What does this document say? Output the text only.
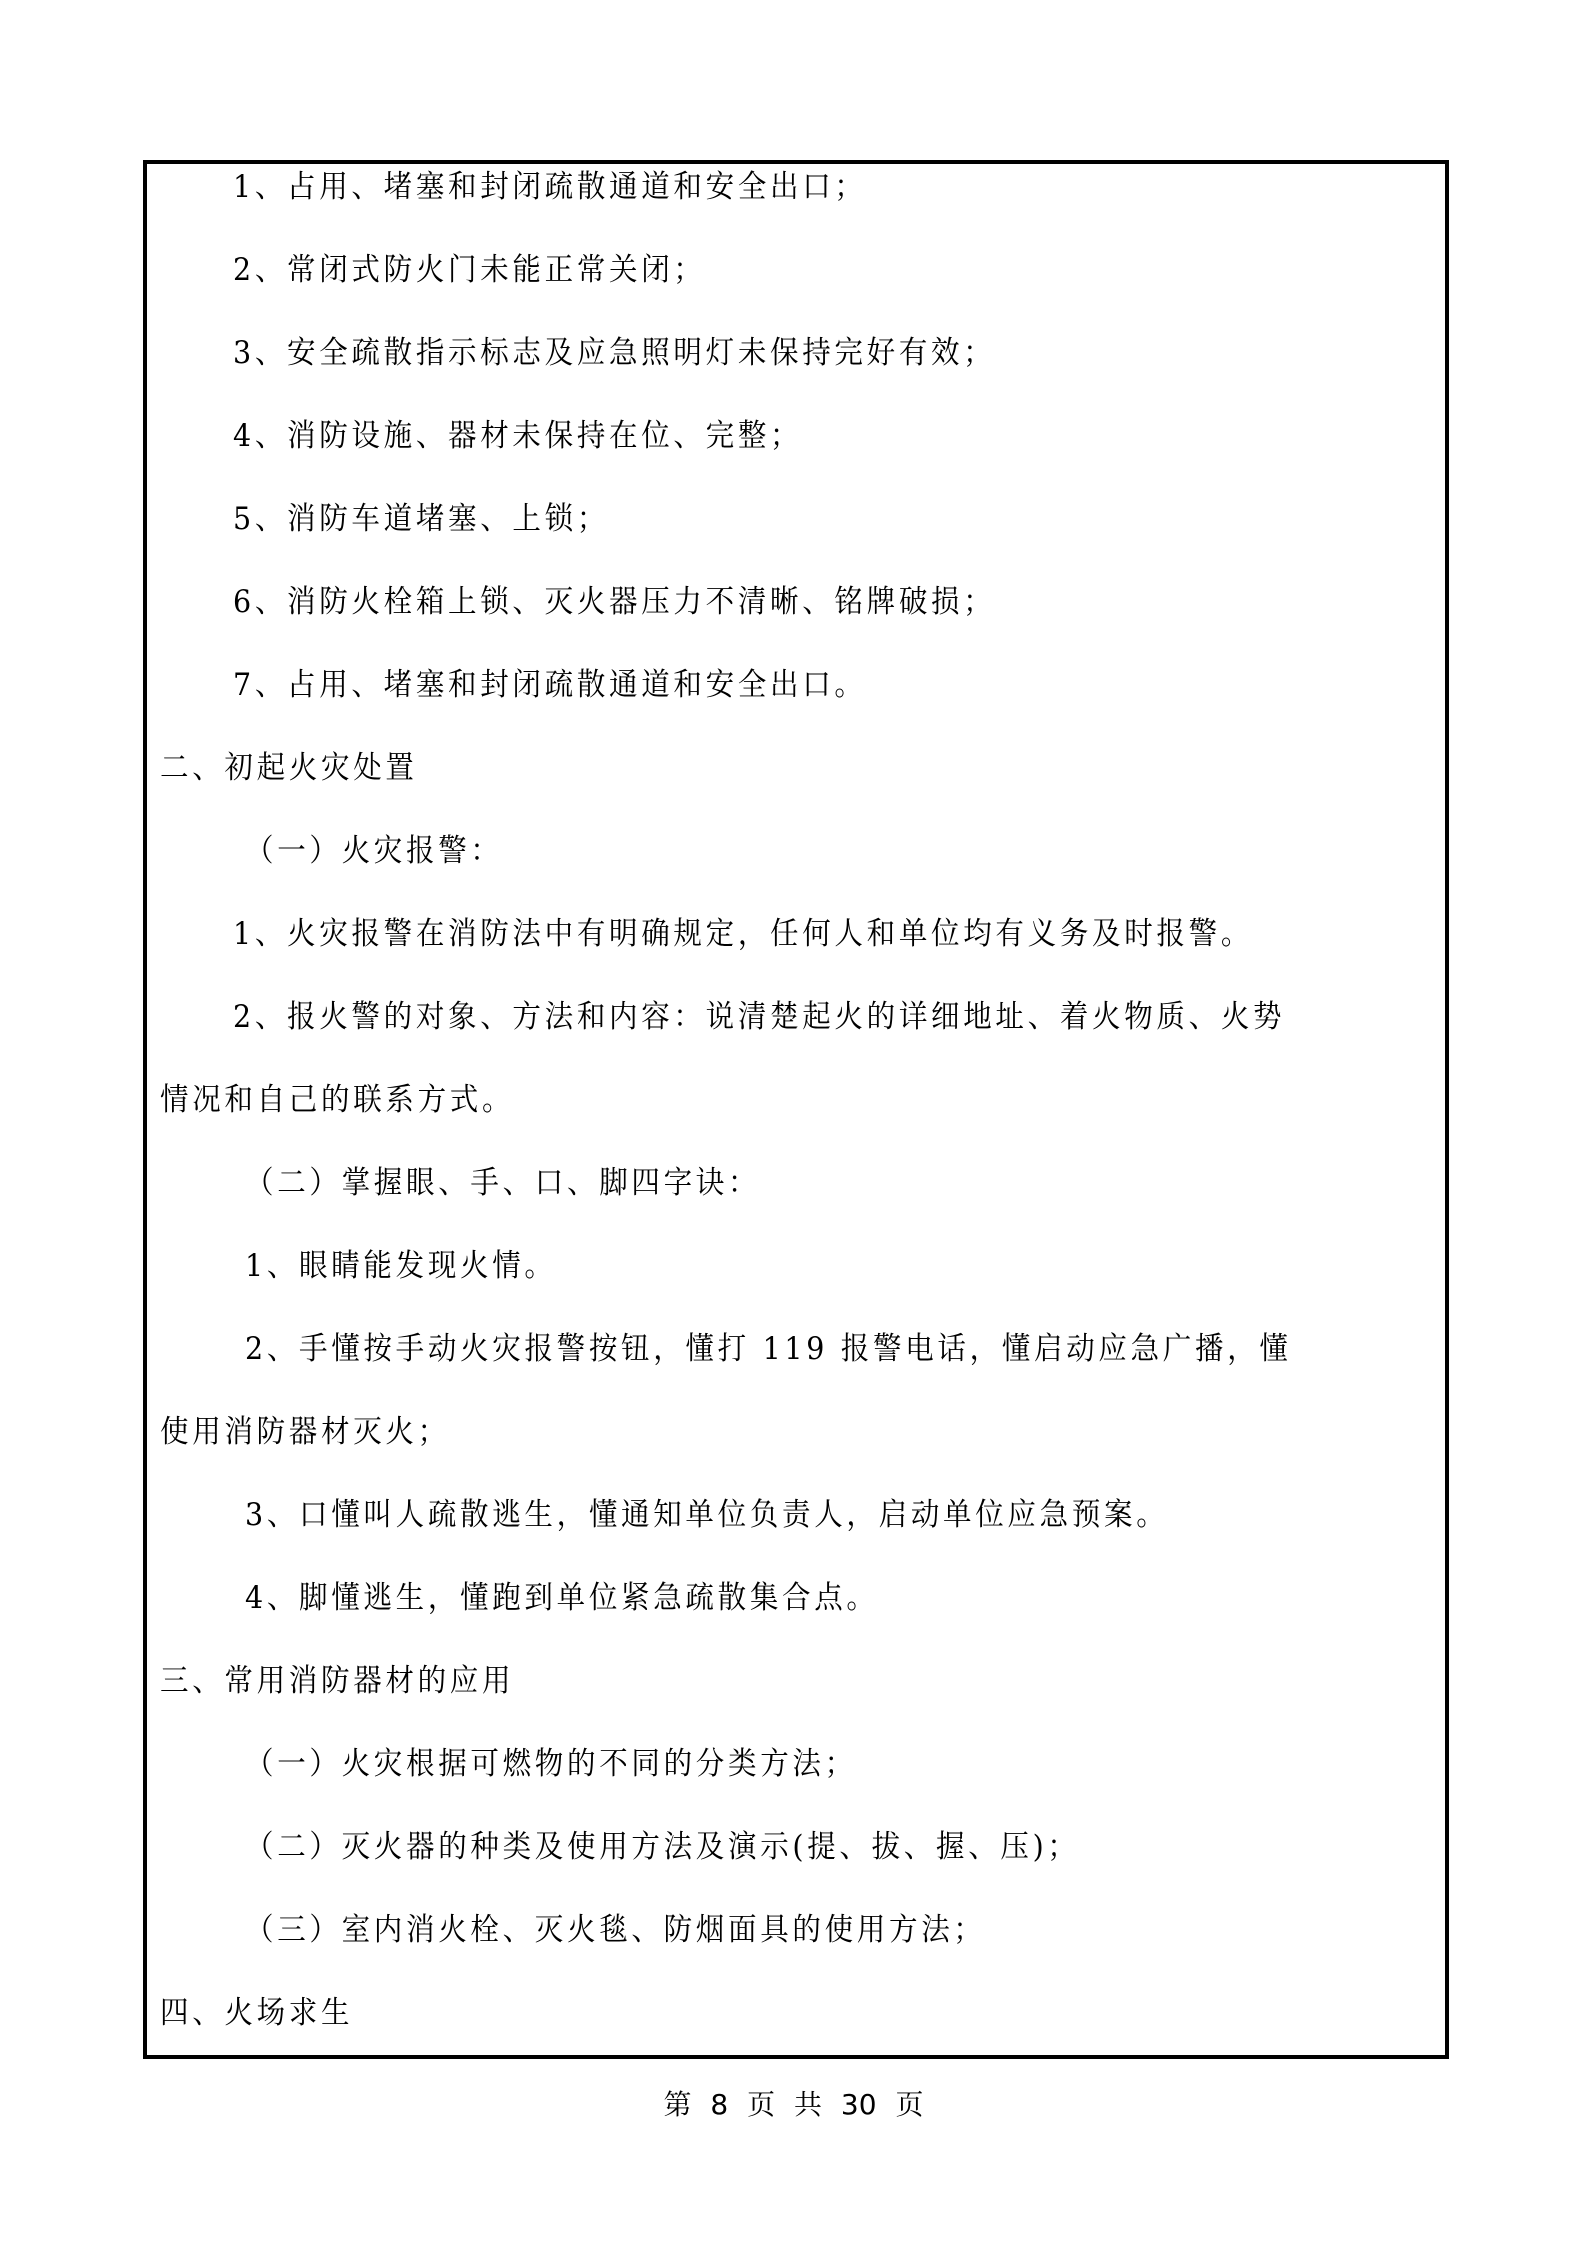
1、占用、堵塞和封闭疏散通道和安全出口；
2、常闭式防火门未能正常关闭；
3、安全疏散指示标志及应急照明灯未保持完好有效；
4、消防设施、器材未保持在位、完整；
5、消防车道堵塞、上锁；
6、消防火栓箱上锁、灭火器压力不清晰、铭牌破损；
7、占用、堵塞和封闭疏散通道和安全出口。
二、初起火灾处置
（一）火灾报警：
1、火灾报警在消防法中有明确规定，任何人和单位均有义务及时报警。
2、报火警的对象、方法和内容：说清楚起火的详细地址、着火物质、火势
情况和自己的联系方式。
（二）掌握眼、手、口、脚四字诀：
1、眼睛能发现火情。
2、手懂按手动火灾报警按钮，懂打 119 报警电话，懂启动应急广播，懂
使用消防器材灭火；
3、口懂叫人疏散逃生，懂通知单位负责人，启动单位应急预案。
4、脚懂逃生，懂跑到单位紧急疏散集合点。
三、常用消防器材的应用
（一）火灾根据可燃物的不同的分类方法；
（二）灭火器的种类及使用方法及演示(提、拔、握、压)；
（三）室内消火栓、灭火毯、防烟面具的使用方法；
四、火场求生
第 8 页 共 30 页
